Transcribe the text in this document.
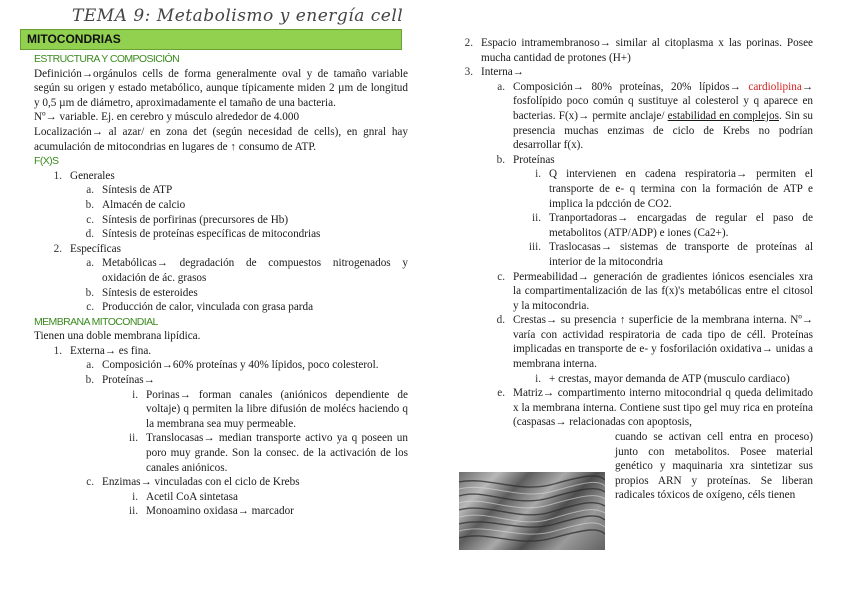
TEMA 9: Metabolismo y energía cell
MITOCONDRIAS

ESTRUCTURA Y COMPOSICIÓN

Definición→orgánulos cells de forma generalmente oval y de tamaño variable según su origen y estado metabólico, aunque típicamente miden 2 µm de longitud y 0,5 µm de diámetro, aproximadamente el tamaño de una bacteria.

Nº→ variable. Ej. en cerebro y músculo alrededor de 4.000

Localización→ al azar/ en zona det (según necesidad de cells), en gnral hay acumulación de mitocondrias en lugares de ↑ consumo de ATP.

F(X)S

1. Generales
a. Síntesis de ATP
b. Almacén de calcio
c. Síntesis de porfirinas (precursores de Hb)
d. Síntesis de proteínas específicas de mitocondrias
2. Específicas
a. Metabólicas→ degradación de compuestos nitrogenados y oxidación de ác. grasos
b. Síntesis de esteroides
c. Producción de calor, vinculada con grasa parda

MEMBRANA MITOCONDIAL

Tienen una doble membrana lipídica.

1. Externa→ es fina.
a. Composición→60% proteínas y 40% lípidos, poco colesterol.
b. Proteínas→
i. Porinas→ forman canales (aniónicos dependiente de voltaje) q permiten la libre difusión de molécs haciendo q la membrana sea muy permeable.
ii. Translocasas→ median transporte activo ya q poseen un poro muy grande. Son la consec. de la activación de los canales aniónicos.
c. Enzimas→ vinculadas con el ciclo de Krebs
i. Acetil CoA sintetasa
ii. Monoamino oxidasa→ marcador
2. Espacio intramembranoso→ similar al citoplasma x las porinas. Posee mucha cantidad de protones (H+)
3. Interna→
a. Composición→ 80% proteínas, 20% lípidos→ cardiolipina→ fosfolípido poco común q sustituye al colesterol y q aparece en bacterias. F(x)→ permite anclaje/ estabilidad en complejos. Sin su presencia muchas enzimas de ciclo de Krebs no podrían desarrollar f(x).
b. Proteínas
i. Q intervienen en cadena respiratoria→ permiten el transporte de e- q termina con la formación de ATP e implica la pdcción de CO2.
ii. Tranportadoras→ encargadas de regular el paso de metabolitos (ATP/ADP) e iones (Ca2+).
iii. Traslocasas→ sistemas de transporte de proteínas al interior de la mitocondria
c. Permeabilidad→ generación de gradientes iónicos esenciales xra la compartimentalización de las f(x)'s metabólicas entre el citosol y la mitocondria.
d. Crestas→ su presencia ↑ superficie de la membrana interna. Nº→ varía con actividad respiratoria de cada tipo de céll. Proteínas implicadas en transporte de e- y fosforilación oxidativa→ unidas a membrana interna.
i. + crestas, mayor demanda de ATP (musculo cardiaco)
e. Matriz→ compartimento interno mitocondrial q queda delimitado x la membrana interna. Contiene sust tipo gel muy rica en proteína (caspasas→ relacionadas con apoptosis,

cuando se activan cell entra en proceso) junto con metabolitos. Posee material genético y maquinaria xra sintetizar sus propios ARN y proteínas. Se liberan radicales tóxicos de oxígeno, céls tienen
